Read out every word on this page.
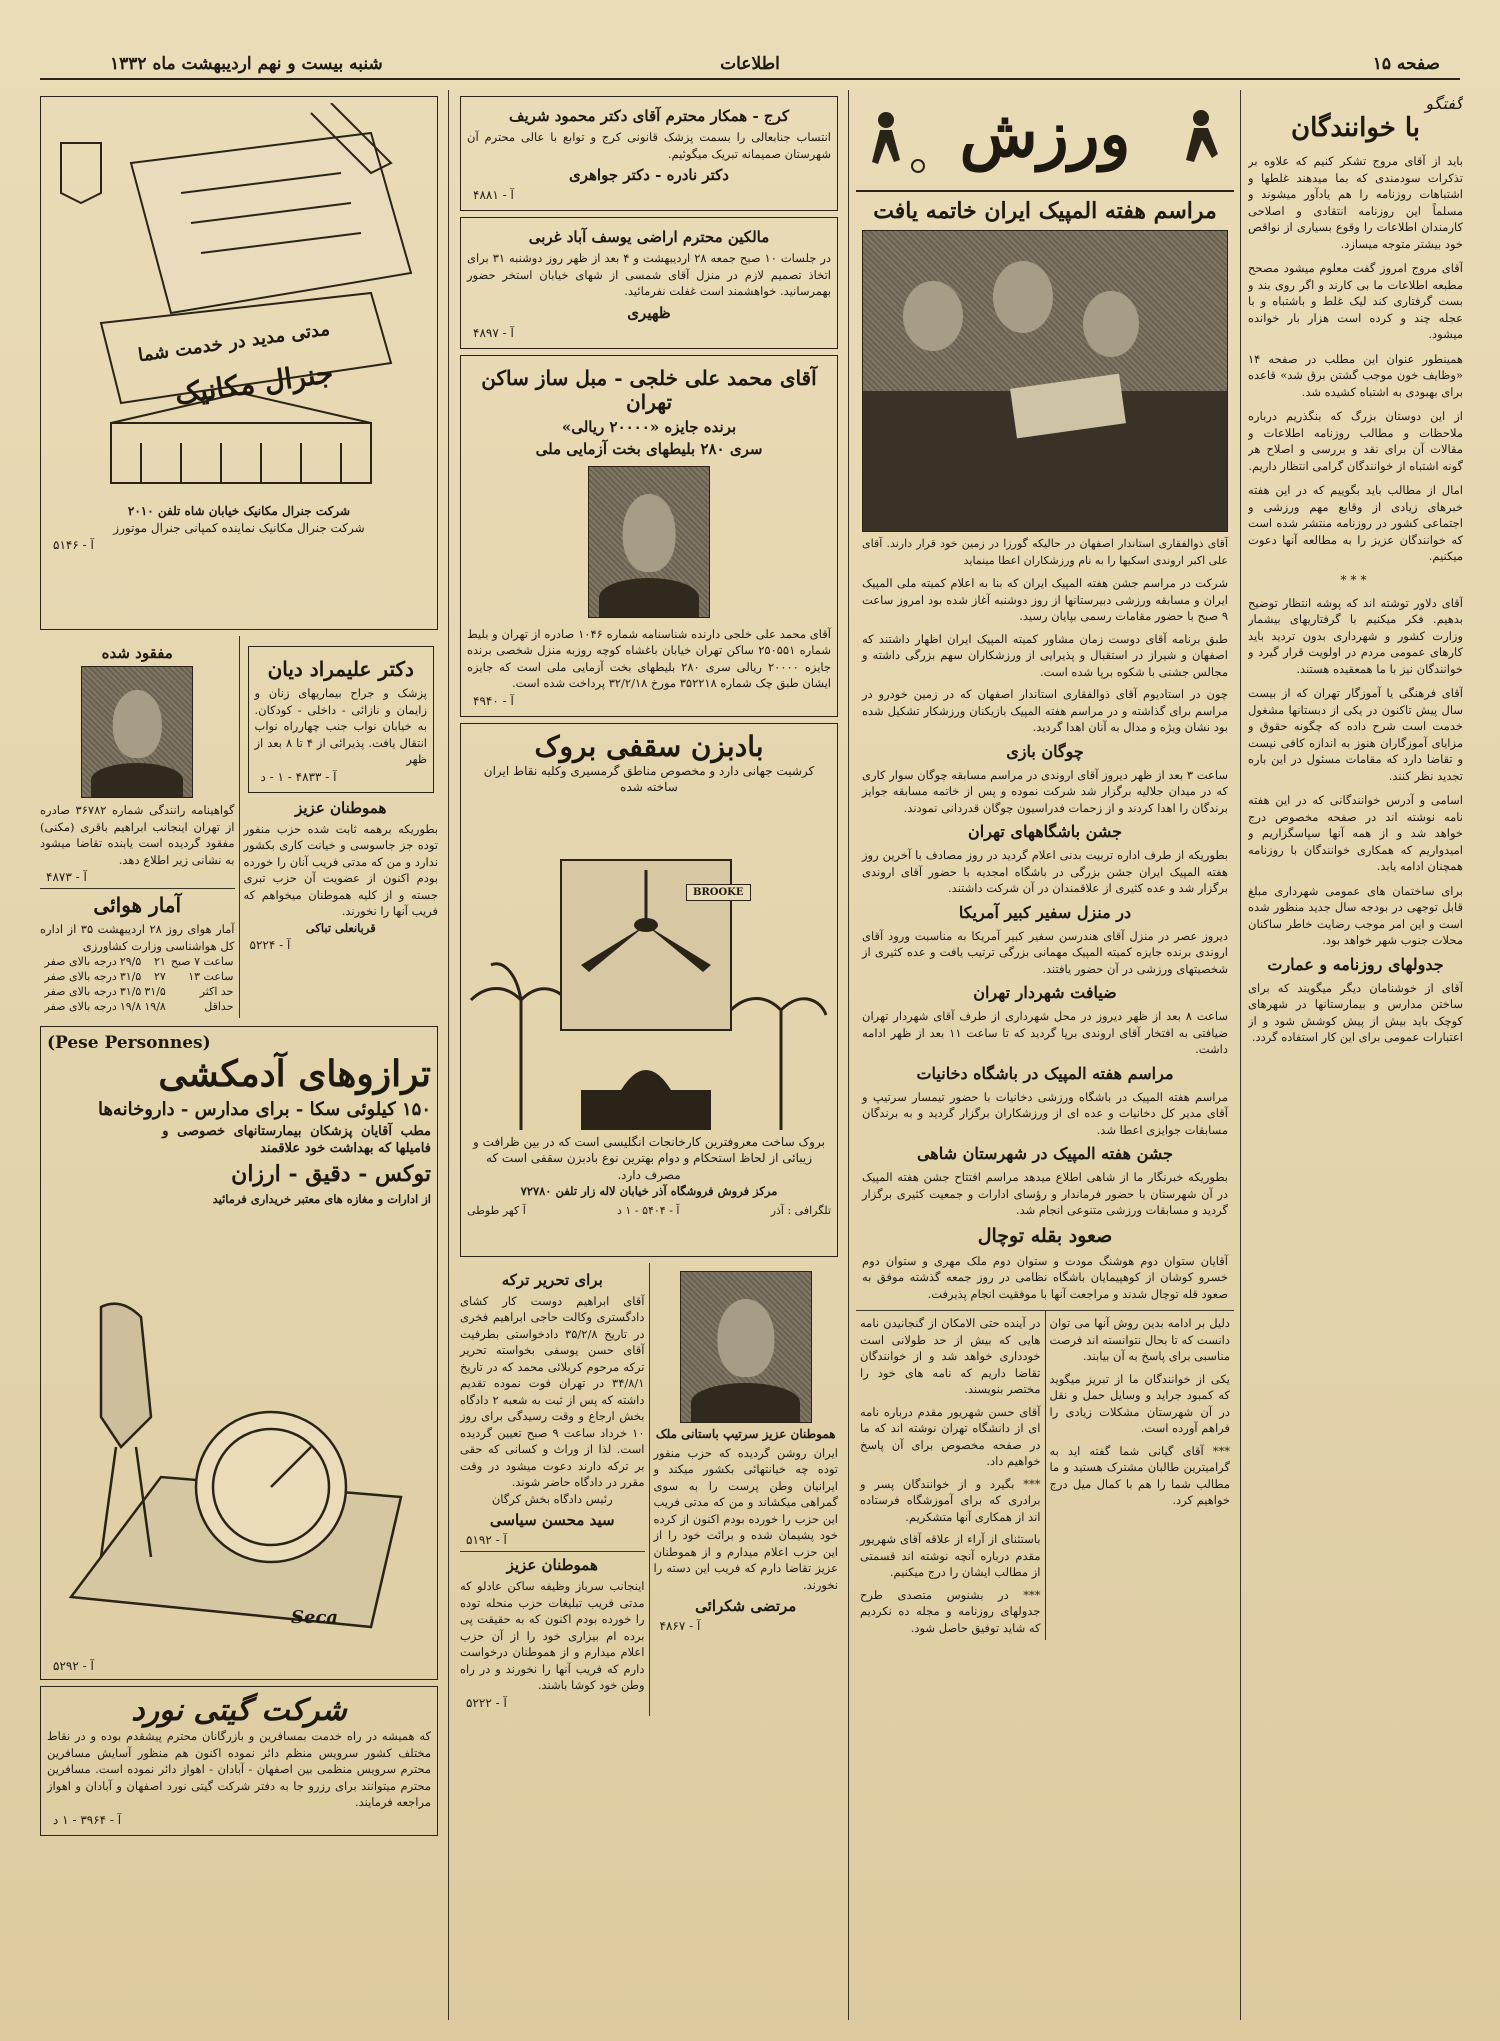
صفحه ۱۵
اطلاعات
شنبه بیست و نهم اردیبهشت ماه ۱۳۳۲
گفتگو
با خوانندگان
باید از آقای مروج تشکر کنیم که علاوه بر تذکرات سودمندی که بما میدهند غلطها و اشتباهات روزنامه را هم یادآور میشوند و مسلماً این روزنامه انتقادی و اصلاحی کارمندان اطلاعات را وقوع بسیاری از نواقص خود بیشتر متوجه میسازد.
آقای مروج امروز گفت معلوم میشود مصحح مطبعه اطلاعات ما بی کارند و اگر روی بند و بست گرفتاری کند لیک غلط و باشتباه و با عجله چند و کرده است هزار بار خوانده میشود.
همینطور عنوان این مطلب در صفحه ۱۴ «وظایف خون موجب گشتن برق شد» قاعده برای بهبودی به اشتباه کشیده شد.
از این دوستان بزرگ که بنگذریم درباره ملاحظات و مطالب روزنامه اطلاعات و مقالات آن برای نقد و بررسی و اصلاح هر گونه اشتباه از خوانندگان گرامی انتظار داریم.
امال از مطالب باید بگوییم که در این هفته خبرهای زیادی از وقایع مهم ورزشی و اجتماعی کشور در روزنامه منتشر شده است که خوانندگان عزیز را به مطالعه آنها دعوت میکنیم.
***
آقای دلاور توشته اند که پوشه انتظار توضیح بدهیم. فکر میکنیم با گرفتاریهای بیشمار وزارت کشور و شهرداری بدون تردید باید کارهای عمومی مردم در اولویت قرار گیرد و خوانندگان نیز با ما همعقیده هستند.
آقای فرهنگی یا آموزگار تهران که از بیست سال پیش تاکنون در یکی از دبستانها مشغول خدمت است شرح داده که چگونه حقوق و مزایای آموزگاران هنوز به اندازه کافی نیست و تقاضا دارد که مقامات مسئول در این باره تجدید نظر کنند.
اسامی و آدرس خوانندگانی که در این هفته نامه نوشته اند در صفحه مخصوص درج خواهد شد و از همه آنها سپاسگزاریم و امیدواریم که همکاری خوانندگان با روزنامه همچنان ادامه یابد.
برای ساختمان های عمومی شهرداری مبلغ قابل توجهی در بودجه سال جدید منظور شده است و این امر موجب رضایت خاطر ساکنان محلات جنوب شهر خواهد بود.
جدولهای روزنامه و عمارت
آقای از خوشنامان دیگر میگویند که برای ساختن مدارس و بیمارستانها در شهرهای کوچک باید بیش از پیش کوشش شود و از اعتبارات عمومی برای این کار استفاده گردد.
ورزش
مراسم هفته المپیک ایران خاتمه یافت
آقای ذوالفقاری استاندار اصفهان در حالیکه گورزا در زمین خود قرار دارند. آقای علی اکبر اروندی اسکیها را به نام ورزشکاران اعطا مینماید
شرکت در مراسم جشن هفته المپیک ایران که بنا به اعلام کمیته ملی المپیک ایران و مسابقه ورزشی دبیرستانها از روز دوشنبه آغاز شده بود امروز ساعت ۹ صبح با حضور مقامات رسمی بپایان رسید.
طبق برنامه آقای دوست زمان مشاور کمیته المپیک ایران اظهار داشتند که اصفهان و شیراز در استقبال و پذیرایی از ورزشکاران سهم بزرگی داشته و مجالس جشنی با شکوه برپا شده است.
چون در استادیوم آقای ذوالفقاری استاندار اصفهان که در زمین خودرو در مراسم برای گذاشته و در مراسم هفته المپیک بازیکنان ورزشکار تشکیل شده بود نشان ویژه و مدال به آنان اهدا گردید.
چوگان بازی
ساعت ۳ بعد از ظهر دیروز آقای اروندی در مراسم مسابقه چوگان سوار کاری که در میدان جلالیه برگزار شد شرکت نموده و پس از خاتمه مسابقه جوایز برندگان را اهدا کردند و از زحمات فدراسیون چوگان قدردانی نمودند.
جشن باشگاههای تهران
بطوریکه از طرف اداره تربیت بدنی اعلام گردید در روز مصادف با آخرین روز هفته المپیک ایران جشن بزرگی در باشگاه امجدیه با حضور آقای اروندی برگزار شد و عده کثیری از علاقمندان در آن شرکت داشتند.
در منزل سفیر کبیر آمریکا
دیروز عصر در منزل آقای هندرسن سفیر کبیر آمریکا به مناسبت ورود آقای اروندی برنده جایزه کمیته المپیک مهمانی بزرگی ترتیب یافت و عده کثیری از شخصیتهای ورزشی در آن حضور یافتند.
ضیافت شهردار تهران
ساعت ۸ بعد از ظهر دیروز در محل شهرداری از طرف آقای شهردار تهران ضیافتی به افتخار آقای اروندی برپا گردید که تا ساعت ۱۱ بعد از ظهر ادامه داشت.
مراسم هفته المپیک در باشگاه دخانیات
مراسم هفته المپیک در باشگاه ورزشی دخانیات با حضور تیمسار سرتیپ و آقای مدیر کل دخانیات و عده ای از ورزشکاران برگزار گردید و به برندگان مسابقات جوایزی اعطا شد.
جشن هفته المپیک در شهرستان شاهی
بطوریکه خبرنگار ما از شاهی اطلاع میدهد مراسم افتتاح جشن هفته المپیک در آن شهرستان با حضور فرماندار و رؤسای ادارات و جمعیت کثیری برگزار گردید و مسابقات ورزشی متنوعی انجام شد.
صعود بقله توچال
آقایان ستوان دوم هوشنگ مودت و ستوان دوم ملک مهری و ستوان دوم خسرو کوشان از کوهپیمایان باشگاه نظامی در روز جمعه گذشته موفق به صعود قله توچال شدند و مراجعت آنها با موفقیت انجام پذیرفت.
دلیل بر ادامه بدین روش آنها می توان دانست که تا بحال نتوانسته اند فرصت مناسبی برای پاسخ به آن بیابند.
یکی از خوانندگان ما از تبریز میگوید که کمبود جراید و وسایل حمل و نقل در آن شهرستان مشکلات زیادی را فراهم آورده است.
*** آقای گیانی شما گفته اید به گرامیترین طالبان مشترک هستید و ما مطالب شما را هم با کمال میل درج خواهیم کرد.
در آینده حتی الامکان از گنجانیدن نامه هایی که بیش از حد طولانی است خودداری خواهد شد و از خوانندگان تقاضا داریم که نامه های خود را مختصر بنویسند.
آقای حسن شهریور مقدم درباره نامه ای از دانشگاه تهران نوشته اند که ما در صفحه مخصوص برای آن پاسخ خواهیم داد.
*** بگیرد و از خوانندگان پسر و برادری که برای آموزشگاه فرستاده اند از همکاری آنها متشکریم.
باستثنای از آراء از علاقه آقای شهریور مقدم درباره آنچه نوشته اند قسمتی از مطالب ایشان را درج میکنیم.
*** در بشنوس متصدی طرح جدولهای روزنامه و مجله ده نکردیم که شاید توفیق حاصل شود.
کرج - همکار محترم آقای دکتر محمود شریف
انتساب جنابعالی را بسمت پزشک قانونی کرج و توابع با عالی محترم آن شهرستان صمیمانه تبریک میگوئیم.
دکتر نادره - دکتر جواهری
آ - ۴۸۸۱
مالکین محترم اراضی یوسف آباد غربی
در جلسات ۱۰ صبح جمعه ۲۸ اردیبهشت و ۴ بعد از ظهر روز دوشنبه ۳۱ برای اتخاذ تصمیم لازم در منزل آقای شمسی از شهای خیابان استخر حضور بهمرسانید. خواهشمند است غفلت نفرمائید.
ظهیری
آ - ۴۸۹۷
آقای محمد علی خلجی - مبل ساز ساکن تهران
برنده جایزه «۲۰۰۰۰ ریالی»
سری ۲۸۰ بلیطهای بخت آزمایی ملی
آقای محمد علی خلجی دارنده شناسنامه شماره ۱۰۴۶ صادره از تهران و بلیط شماره ۲۵۰۵۵۱ ساکن تهران خیابان باغشاه کوچه روزبه منزل شخصی برنده جایزه ۲۰۰۰۰ ریالی سری ۲۸۰ بلیطهای بخت آزمایی ملی است که جایزه ایشان طبق چک شماره ۳۵۲۲۱۸ مورخ ۳۲/۲/۱۸ پرداخت شده است.
آ - ۴۹۴۰
بادبزن سقفی بروک
کرشیت جهانی دارد و مخصوص مناطق گرمسیری وکلیه نقاط ایران ساخته شده
BROOKE
بروک ساخت معروفترین کارخانجات انگلیسی است که در بین ظرافت و زیبائی از لحاظ استحکام و دوام بهترین نوع بادبزن سقفی است که مصرف دارد.
مرکز فروش فروشگاه آذر خیابان لاله زار تلفن ۷۲۷۸۰
تلگرافی : آذر
آ - ۵۴۰۴ - ۱ د
آ کهر طوطی
هموطنان عزیز سرتیپ باستانی ملک
ایران روشن گردیده که حزب منفور توده چه خیانتهائی بکشور میکند و ایرانیان وطن پرست را به سوی گمراهی میکشاند و من که مدتی فریب این حزب را خورده بودم اکنون از کرده خود پشیمان شده و برائت خود را از این حزب اعلام میدارم و از هموطنان عزیز تقاضا دارم که فریب این دسته را نخورند.
مرتضی شکرائی
آ - ۴۸۶۷
برای تحریر ترکه
آقای ابراهیم دوست کار کشای دادگستری وکالت حاجی ابراهیم فخری در تاریخ ۳۵/۲/۸ دادخواستی بطرفیت آقای حسن یوسفی بخواسته تحریر ترکه مرحوم کربلائی محمد که در تاریخ ۳۴/۸/۱ در تهران فوت نموده تقدیم داشته که پس از ثبت به شعبه ۲ دادگاه بخش ارجاع و وقت رسیدگی برای روز ۱۰ خرداد ساعت ۹ صبح تعیین گردیده است. لذا از وراث و کسانی که حقی بر ترکه دارند دعوت میشود در وقت مقرر در دادگاه حاضر شوند.
رئیس دادگاه بخش کرگان
سید محسن سیاسی
آ - ۵۱۹۲
هموطنان عزیز
اینجانب سرباز وظیفه ساکن عادلو که مدتی فریب تبلیغات حزب منحله توده را خورده بودم اکنون که به حقیقت پی برده ام بیزاری خود را از آن حزب اعلام میدارم و از هموطنان درخواست دارم که فریب آنها را نخورند و در راه وطن خود کوشا باشند.
آ - ۵۲۲۲
مدتی مدید در خدمت شما
جنرال مکانیک
شرکت جنرال مکانیک خیابان شاه تلفن ۲۰۱۰
شرکت جنرال مکانیک نماینده کمپانی جنرال موتورز
آ - ۵۱۴۶
دکتر علیمراد دیان
پزشک و جراح بیماریهای زنان و زایمان و نازائی - داخلی - کودکان. به خیابان نواب جنب چهارراه نواب انتقال یافت. پذیرائی از ۴ تا ۸ بعد از ظهر
آ - ۴۸۳۳ - ۱ - د
هموطنان عزیز
بطوریکه برهمه ثابت شده حزب منفور توده جز جاسوسی و خیانت کاری بکشور ندارد و من که مدتی فریب آنان را خورده بودم اکنون از عضویت آن حزب تبری جسته و از کلیه هموطنان میخواهم که فریب آنها را نخورند.
قربانعلی تباکی
آ - ۵۲۲۴
مفقود شده
گواهینامه رانندگی شماره ۳۶۷۸۲ صادره از تهران اینجانب ابراهیم باقری (مکنی) مفقود گردیده است یابنده تقاضا میشود به نشانی زیر اطلاع دهد.
آ - ۴۸۷۳
آمار هوائی
آمار هوای روز ۲۸ اردیبهشت ۳۵ از اداره کل هواشناسی وزارت کشاورزی
ساعت ۷ صبح	۲۱	۲۹/۵	درجه بالای صفر
ساعت ۱۳	۲۷	۳۱/۵	درجه بالای صفر
حد اکثر	۳۱/۵	۳۱/۵	درجه بالای صفر
حداقل	۱۹/۸	۱۹/۸	درجه بالای صفر
(Pese Personnes)
ترازوهای آدمکشی
۱۵۰ کیلوئی سکا - برای مدارس - داروخانه‌ها
مطب آقایان پزشکان بیمارستانهای خصوصی و فامیلها که بهداشت خود علاقمند
توکس - دقیق - ارزان
از ادارات و مغازه های معتبر خریداری فرمائید
Seca
آ - ۵۲۹۲
شرکت گیتی نورد
که همیشه در راه خدمت بمسافرین و بازرگانان محترم پیشقدم بوده و در نقاط مختلف کشور سرویس منظم دائر نموده اکنون هم منظور آسایش مسافرین محترم سرویس منظمی بین اصفهان - آبادان - اهواز دائر نموده است. مسافرین محترم میتوانند برای رزرو جا به دفتر شرکت گیتی نورد اصفهان و آبادان و اهواز مراجعه فرمایند.
آ - ۳۹۶۴ - ۱ د
